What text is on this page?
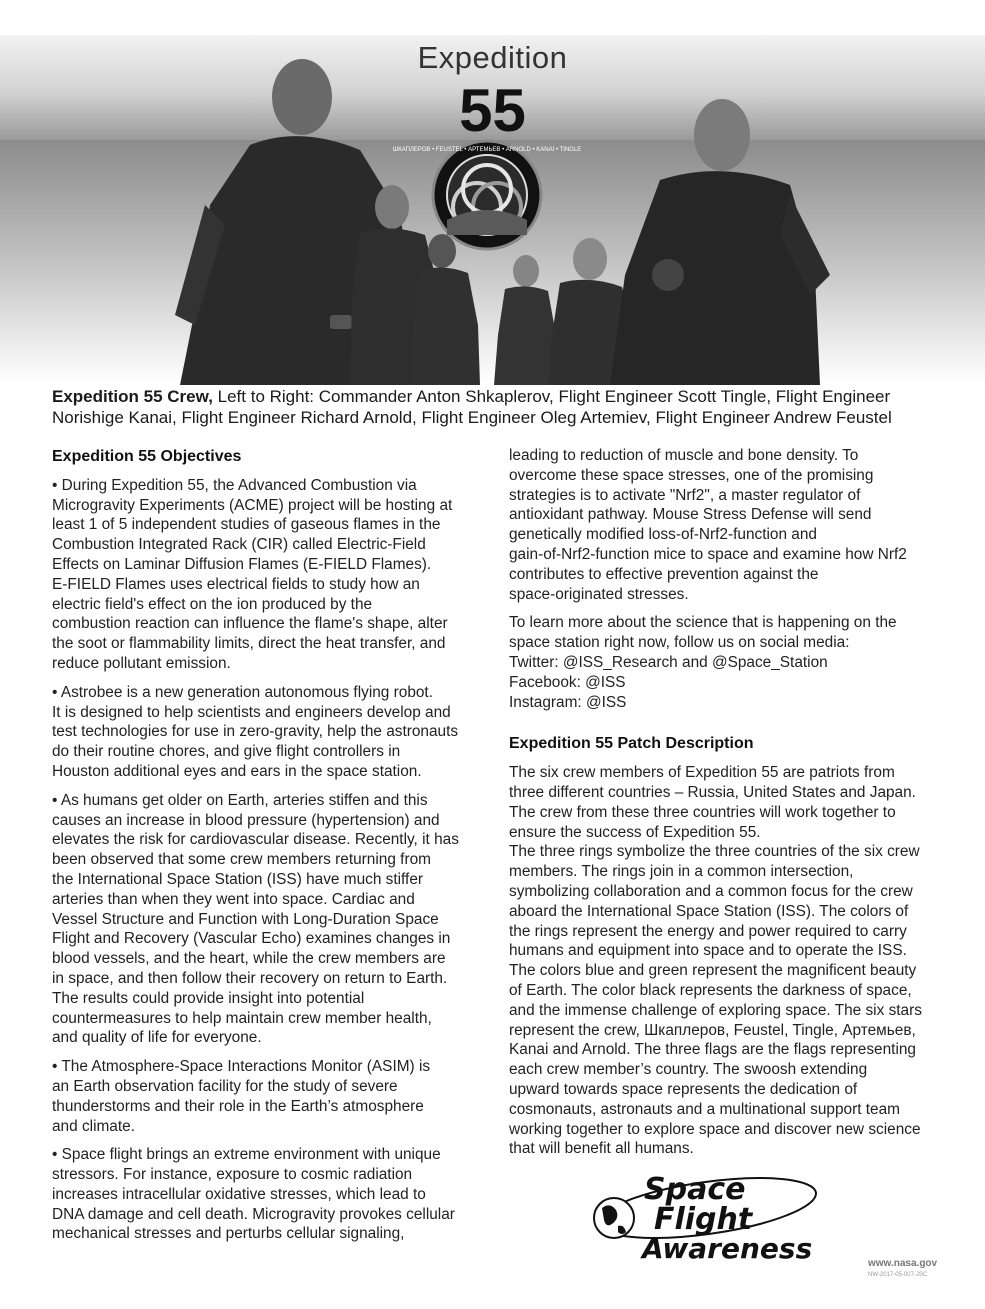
ШКАПЛЕРОВ • FEUSTEL • АРТЕМЬЕВ • ARNOLD • KANAI • TINGLE
Expedition
55
Expedition 55 Crew, Left to Right: Commander Anton Shkaplerov, Flight Engineer Scott Tingle, Flight Engineer
Norishige Kanai, Flight Engineer Richard Arnold, Flight Engineer Oleg Artemiev, Flight Engineer Andrew Feustel
Expedition 55 Objectives
• During Expedition 55, the Advanced Combustion via
Microgravity Experiments (ACME) project will be hosting at
least 1 of 5 independent studies of gaseous flames in the
Combustion Integrated Rack (CIR) called Electric-Field
Effects on Laminar Diffusion Flames (E-FIELD Flames).
E-FIELD Flames uses electrical fields to study how an
electric field's effect on the ion produced by the
combustion reaction can influence the flame's shape, alter
the soot or flammability limits, direct the heat transfer, and
reduce pollutant emission.
• Astrobee is a new generation autonomous flying robot.
It is designed to help scientists and engineers develop and
test technologies for use in zero-gravity, help the astronauts
do their routine chores, and give flight controllers in
Houston additional eyes and ears in the space station.
• As humans get older on Earth, arteries stiffen and this
causes an increase in blood pressure (hypertension) and
elevates the risk for cardiovascular disease. Recently, it has
been observed that some crew members returning from
the International Space Station (ISS) have much stiffer
arteries than when they went into space. Cardiac and
Vessel Structure and Function with Long-Duration Space
Flight and Recovery (Vascular Echo) examines changes in
blood vessels, and the heart, while the crew members are
in space, and then follow their recovery on return to Earth.
The results could provide insight into potential
countermeasures to help maintain crew member health,
and quality of life for everyone.
• The Atmosphere-Space Interactions Monitor (ASIM) is
an Earth observation facility for the study of severe
thunderstorms and their role in the Earth’s atmosphere
and climate.
• Space flight brings an extreme environment with unique
stressors. For instance, exposure to cosmic radiation
increases intracellular oxidative stresses, which lead to
DNA damage and cell death. Microgravity provokes cellular
mechanical stresses and perturbs cellular signaling,
leading to reduction of muscle and bone density. To
overcome these space stresses, one of the promising
strategies is to activate "Nrf2", a master regulator of
antioxidant pathway. Mouse Stress Defense will send
genetically modified loss-of-Nrf2-function and
gain-of-Nrf2-function mice to space and examine how Nrf2
contributes to effective prevention against the
space-originated stresses.
To learn more about the science that is happening on the
space station right now, follow us on social media:
Twitter: @ISS_Research and @Space_Station
Facebook: @ISS
Instagram: @ISS
Expedition 55 Patch Description
The six crew members of Expedition 55 are patriots from
three different countries – Russia, United States and Japan.
The crew from these three countries will work together to
ensure the success of Expedition 55.
The three rings symbolize the three countries of the six crew
members. The rings join in a common intersection,
symbolizing collaboration and a common focus for the crew
aboard the International Space Station (ISS). The colors of
the rings represent the energy and power required to carry
humans and equipment into space and to operate the ISS.
The colors blue and green represent the magnificent beauty
of Earth. The color black represents the darkness of space,
and the immense challenge of exploring space. The six stars
represent the crew, Шкаплеров, Feustel, Tingle, Артемьев,
Kanai and Arnold. The three flags are the flags representing
each crew member’s country. The swoosh extending
upward towards space represents the dedication of
cosmonauts, astronauts and a multinational support team
working together to explore space and discover new science
that will benefit all humans.
Space
Flight
Awareness	www.nasa.gov
NW-2017-05-007-JSC
